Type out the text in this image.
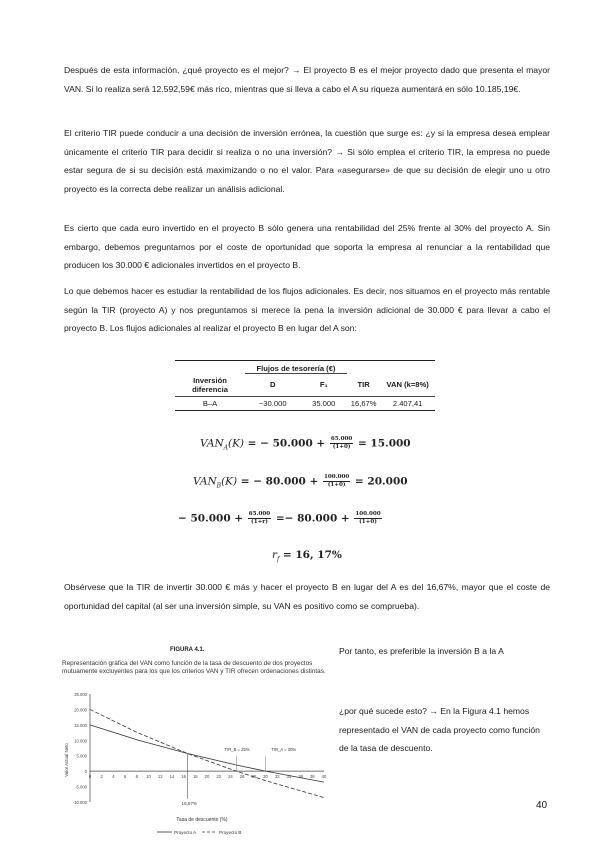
Después de esta información, ¿qué proyecto es el mejor? → El proyecto B es el mejor proyecto dado que presenta el mayor VAN. Si lo realiza será 12.592,59€ más rico, mientras que si lleva a cabo el A su riqueza aumentará en sólo 10.185,19€.

El criterio TIR puede conducir a una decisión de inversión errónea, la cuestión que surge es: ¿y si la empresa desea emplear únicamente el criterio TIR para decidir si realiza o no una inversión? → Si sólo emplea el criterio TIR, la empresa no puede estar segura de si su decisión está maximizando o no el valor. Para «asegurarse» de que su decisión de elegir uno u otro proyecto es la correcta debe realizar un análisis adicional.

Es cierto que cada euro invertido en el proyecto B sólo genera una rentabilidad del 25% frente al 30% del proyecto A. Sin embargo, debemos preguntarnos por el coste de oportunidad que soporta la empresa al renunciar a la rentabilidad que producen los 30.000 € adicionales invertidos en el proyecto B.

Lo que debemos hacer es estudiar la rentabilidad de los flujos adicionales. Es decir, nos situamos en el proyecto más rentable según la TIR (proyecto A) y nos preguntamos si merece la pena la inversión adicional de 30.000 € para llevar a cabo el proyecto B. Los flujos adicionales al realizar el proyecto B en lugar del A son:

	Flujos de tesorería (€)			
Inversión diferencia	D	F₁	TIR	VAN (k=8%)
B–A	−30.000	35.000	16,67%	2.407,41
$VAN_A(K)$ = − $50.000 + \frac{65.000}{(1+0)} = 15.000$
$VAN_B(K)$ = − $80.000 + \frac{100.000}{(1+0)} = 20.000$
− $50.000 + \frac{65.000}{(1+r)} =- 80.000 + \frac{100.000}{(1+0)}$
$r_f = 16$, 17%

Obsérvese que la TIR de invertir 30.000 € más y hacer el proyecto B en lugar del A es del 16,67%, mayor que el coste de oportunidad del capital (al ser una inversión simple, su VAN es positivo como se comprueba).

FIGURA 4.1.
Representación gráfica del VAN como función de la tasa de descuento de dos proyectos mutuamente excluyentes para los que los criterios VAN y TIR ofrecen ordenaciones distintas.
25.000
20.000
15.000
10.000
5.000
0
-5.000
-10.000
0 2 4 6 8 10 12 14 16 18 20 22 24 26 28 30 32 34 36 38 40
Valor Actual Neto
Tasa de descuento (%)
16,67%
TIR_B = 25%	TIR_A = 30%
Proyecto A	Proyecto B

Por tanto, es preferible la inversión B a la A

¿por qué sucede esto? → En la Figura 4.1 hemos representado el VAN de cada proyecto como función de la tasa de descuento.

40
